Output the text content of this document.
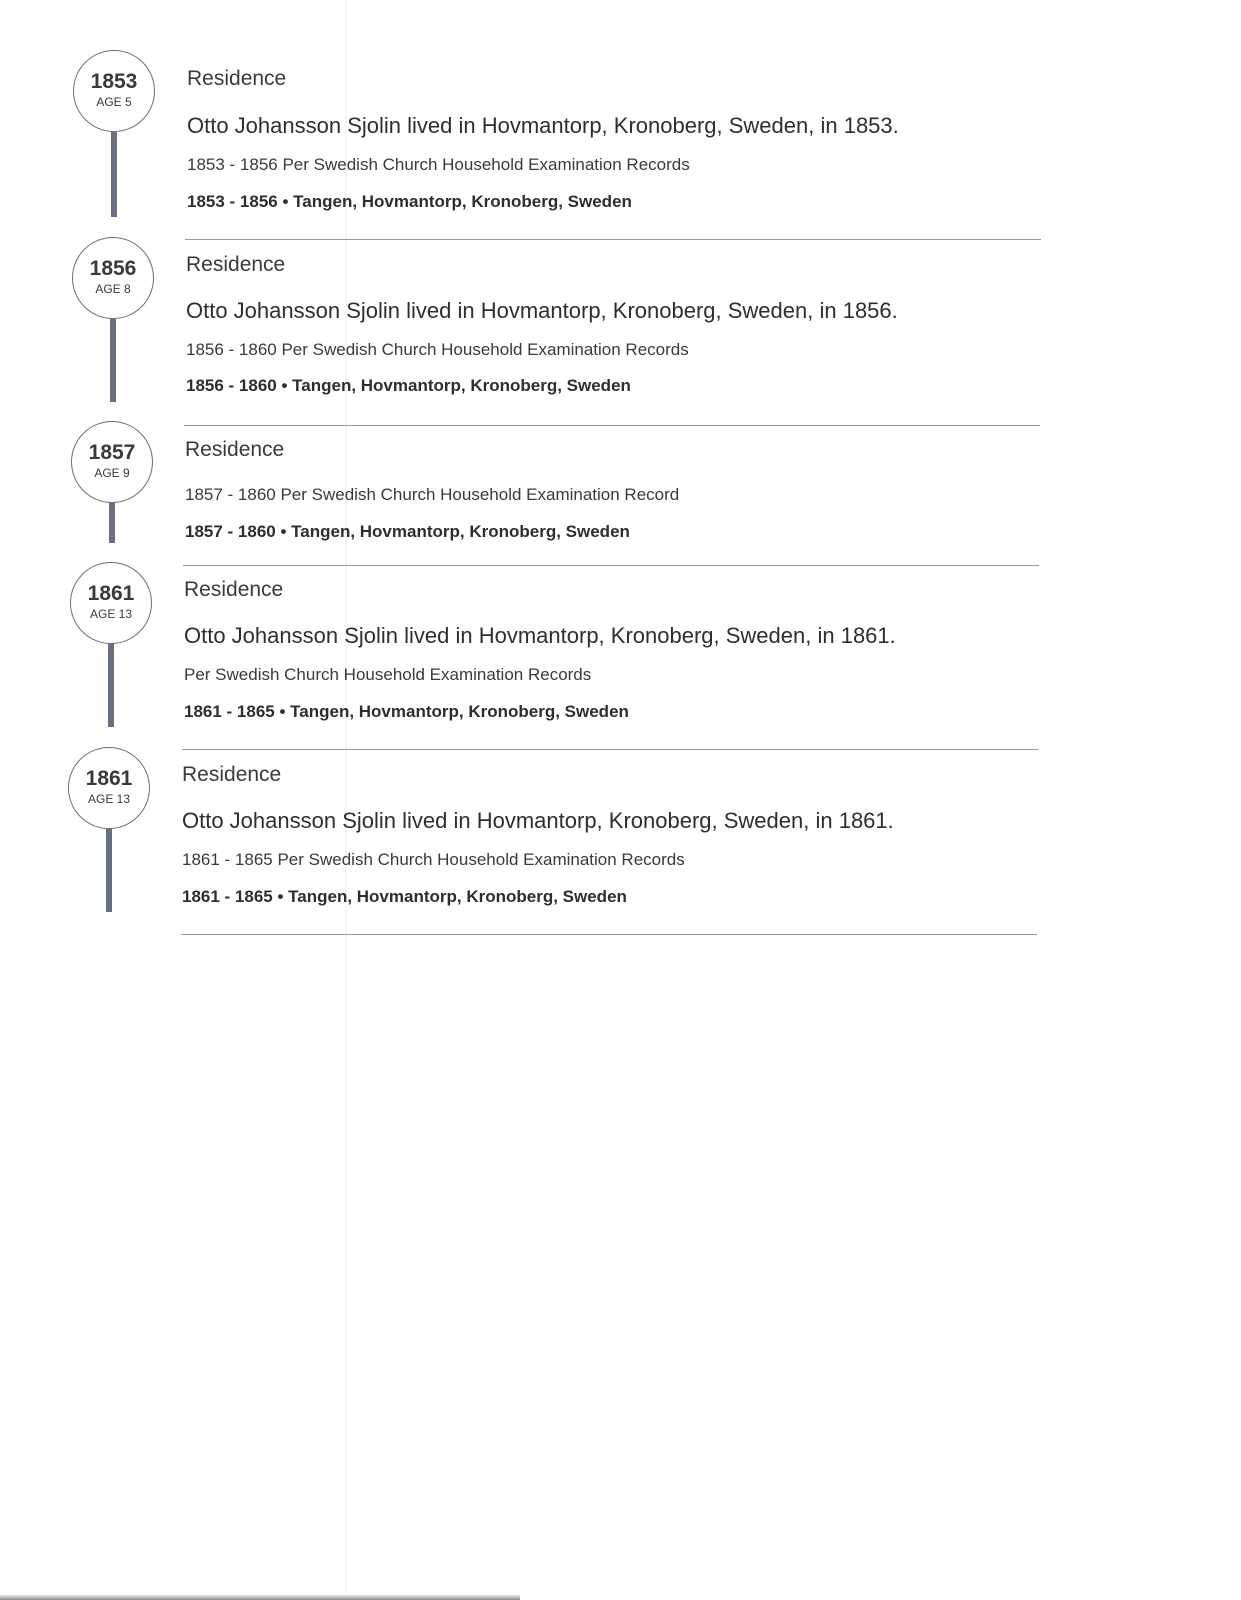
1853
AGE 5
Residence
Otto Johansson Sjolin lived in Hovmantorp, Kronoberg, Sweden, in 1853.
1853 - 1856 Per Swedish Church Household Examination Records
1853 - 1856 • Tangen, Hovmantorp, Kronoberg, Sweden
1856
AGE 8
Residence
Otto Johansson Sjolin lived in Hovmantorp, Kronoberg, Sweden, in 1856.
1856 - 1860 Per Swedish Church Household Examination Records
1856 - 1860 • Tangen, Hovmantorp, Kronoberg, Sweden
1857
AGE 9
Residence
1857 - 1860 Per Swedish Church Household Examination Record
1857 - 1860 • Tangen, Hovmantorp, Kronoberg, Sweden
1861
AGE 13
Residence
Otto Johansson Sjolin lived in Hovmantorp, Kronoberg, Sweden, in 1861.
Per Swedish Church Household Examination Records
1861 - 1865 • Tangen, Hovmantorp, Kronoberg, Sweden
1861
AGE 13
Residence
Otto Johansson Sjolin lived in Hovmantorp, Kronoberg, Sweden, in 1861.
1861 - 1865 Per Swedish Church Household Examination Records
1861 - 1865 • Tangen, Hovmantorp, Kronoberg, Sweden
